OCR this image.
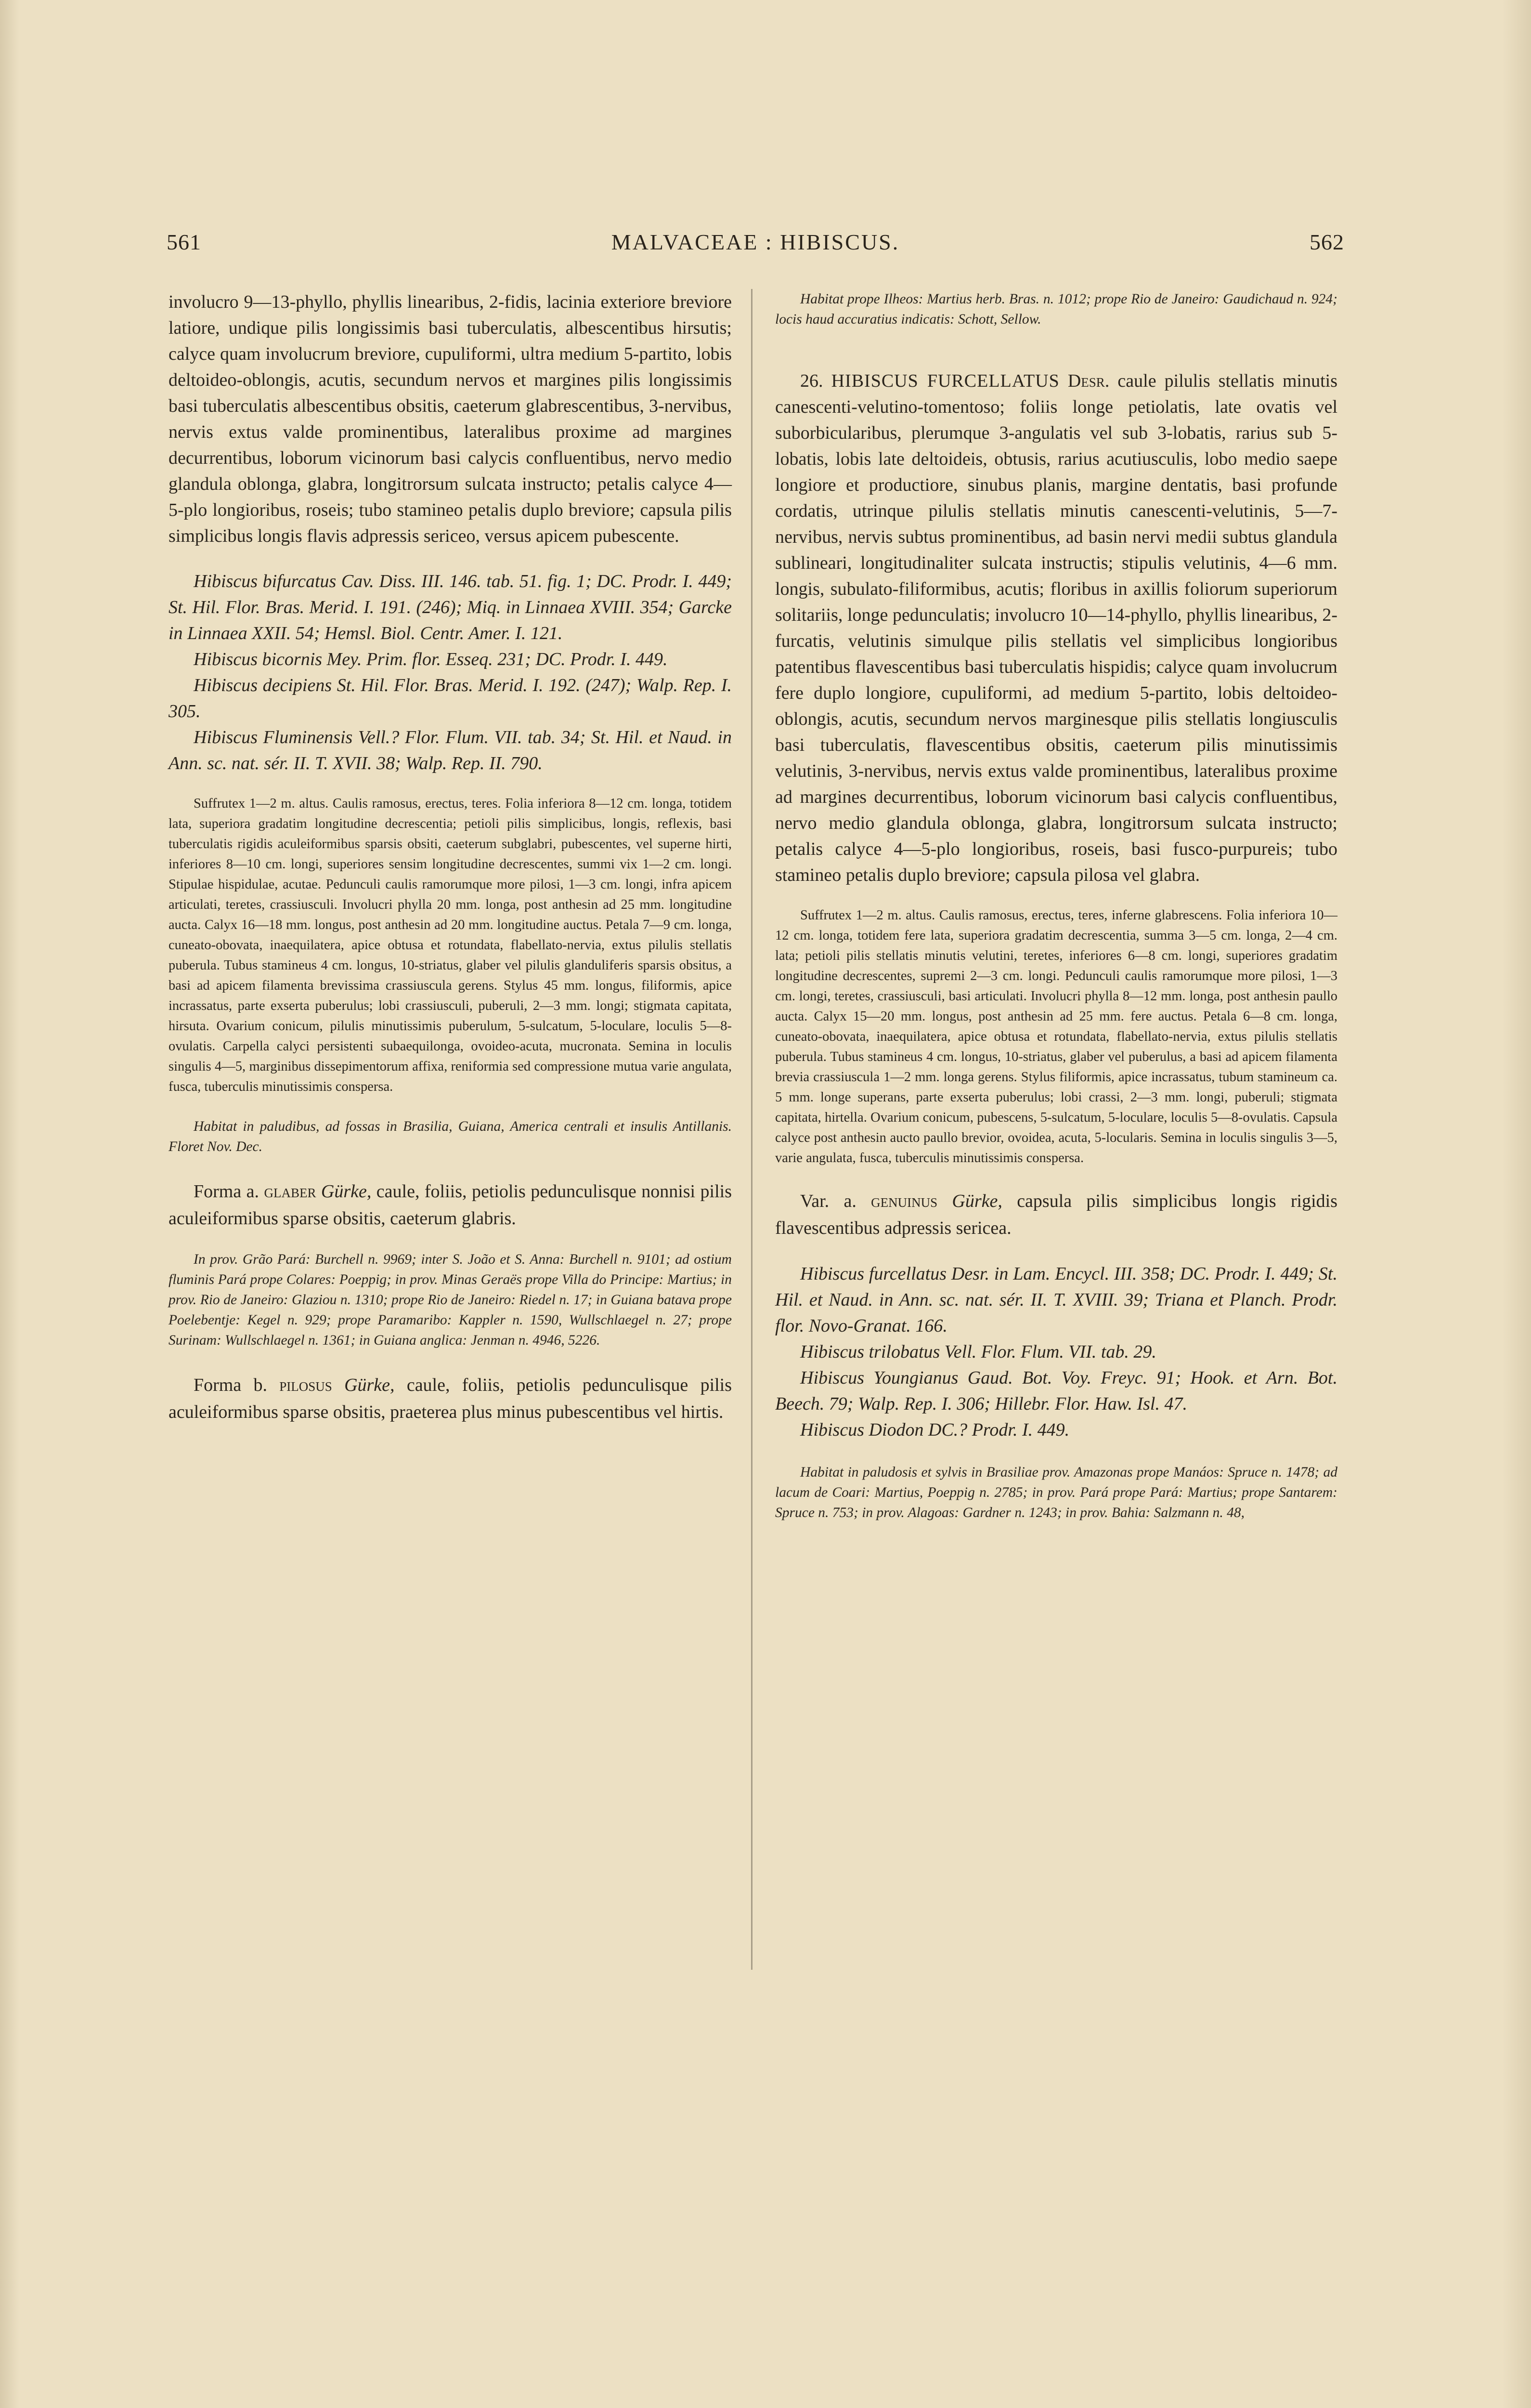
561	MALVACEAE : HIBISCUS.	562

involucro 9—13-phyllo, phyllis linearibus, 2-fidis, lacinia exteriore breviore latiore, undique pilis longissimis basi tuberculatis, albescentibus hirsutis; calyce quam involucrum breviore, cupuliformi, ultra medium 5-partito, lobis deltoideo-oblongis, acutis, secundum nervos et margines pilis longissimis basi tuberculatis albescentibus obsitis, caeterum glabrescentibus, 3-nervibus, nervis extus valde prominentibus, lateralibus proxime ad margines decurrentibus, loborum vicinorum basi calycis confluentibus, nervo medio glandula oblonga, glabra, longitrorsum sulcata instructo; petalis calyce 4—5-plo longioribus, roseis; tubo stamineo petalis duplo breviore; capsula pilis simplicibus longis flavis adpressis sericeo, versus apicem pubescente.

Hibiscus bifurcatus Cav. Diss. III. 146. tab. 51. fig. 1; DC. Prodr. I. 449; St. Hil. Flor. Bras. Merid. I. 191. (246); Miq. in Linnaea XVIII. 354; Garcke in Linnaea XXII. 54; Hemsl. Biol. Centr. Amer. I. 121.

Hibiscus bicornis Mey. Prim. flor. Esseq. 231; DC. Prodr. I. 449.

Hibiscus decipiens St. Hil. Flor. Bras. Merid. I. 192. (247); Walp. Rep. I. 305.

Hibiscus Fluminensis Vell.? Flor. Flum. VII. tab. 34; St. Hil. et Naud. in Ann. sc. nat. sér. II. T. XVII. 38; Walp. Rep. II. 790.

Suffrutex 1—2 m. altus. Caulis ramosus, erectus, teres. Folia inferiora 8—12 cm. longa, totidem lata, superiora gradatim longitudine decrescentia; petioli pilis simplicibus, longis, reflexis, basi tuberculatis rigidis aculeiformibus sparsis obsiti, caeterum subglabri, pubescentes, vel superne hirti, inferiores 8—10 cm. longi, superiores sensim longitudine decrescentes, summi vix 1—2 cm. longi. Stipulae hispidulae, acutae. Pedunculi caulis ramorumque more pilosi, 1—3 cm. longi, infra apicem articulati, teretes, crassiusculi. Involucri phylla 20 mm. longa, post anthesin ad 25 mm. longitudine aucta. Calyx 16—18 mm. longus, post anthesin ad 20 mm. longitudine auctus. Petala 7—9 cm. longa, cuneato-obovata, inaequilatera, apice obtusa et rotundata, flabellato-nervia, extus pilulis stellatis puberula. Tubus stamineus 4 cm. longus, 10-striatus, glaber vel pilulis glanduliferis sparsis obsitus, a basi ad apicem filamenta brevissima crassiuscula gerens. Stylus 45 mm. longus, filiformis, apice incrassatus, parte exserta puberulus; lobi crassiusculi, puberuli, 2—3 mm. longi; stigmata capitata, hirsuta. Ovarium conicum, pilulis minutissimis puberulum, 5-sulcatum, 5-loculare, loculis 5—8-ovulatis. Carpella calyci persistenti subaequilonga, ovoideo-acuta, mucronata. Semina in loculis singulis 4—5, marginibus dissepimentorum affixa, reniformia sed compressione mutua varie angulata, fusca, tuberculis minutissimis conspersa.

Habitat in paludibus, ad fossas in Brasilia, Guiana, America centrali et insulis Antillanis. Floret Nov. Dec.

Forma a. glaber Gürke, caule, foliis, petiolis pedunculisque nonnisi pilis aculeiformibus sparse obsitis, caeterum glabris.

In prov. Grão Pará: Burchell n. 9969; inter S. João et S. Anna: Burchell n. 9101; ad ostium fluminis Pará prope Colares: Poeppig; in prov. Minas Geraës prope Villa do Principe: Martius; in prov. Rio de Janeiro: Glaziou n. 1310; prope Rio de Janeiro: Riedel n. 17; in Guiana batava prope Poelebentje: Kegel n. 929; prope Paramaribo: Kappler n. 1590, Wullschlaegel n. 27; prope Surinam: Wullschlaegel n. 1361; in Guiana anglica: Jenman n. 4946, 5226.

Forma b. pilosus Gürke, caule, foliis, petiolis pedunculisque pilis aculeiformibus sparse obsitis, praeterea plus minus pubescentibus vel hirtis.

Habitat prope Ilheos: Martius herb. Bras. n. 1012; prope Rio de Janeiro: Gaudichaud n. 924; locis haud accuratius indicatis: Schott, Sellow.

26. HIBISCUS FURCELLATUS Desr. caule pilulis stellatis minutis canescenti-velutino-tomentoso; foliis longe petiolatis, late ovatis vel suborbicularibus, plerumque 3-angulatis vel sub 3-lobatis, rarius sub 5-lobatis, lobis late deltoideis, obtusis, rarius acutiusculis, lobo medio saepe longiore et productiore, sinubus planis, margine dentatis, basi profunde cordatis, utrinque pilulis stellatis minutis canescenti-velutinis, 5—7-nervibus, nervis subtus prominentibus, ad basin nervi medii subtus glandula sublineari, longitudinaliter sulcata instructis; stipulis velutinis, 4—6 mm. longis, subulato-filiformibus, acutis; floribus in axillis foliorum superiorum solitariis, longe pedunculatis; involucro 10—14-phyllo, phyllis linearibus, 2-furcatis, velutinis simulque pilis stellatis vel simplicibus longioribus patentibus flavescentibus basi tuberculatis hispidis; calyce quam involucrum fere duplo longiore, cupuliformi, ad medium 5-partito, lobis deltoideo-oblongis, acutis, secundum nervos marginesque pilis stellatis longiusculis basi tuberculatis, flavescentibus obsitis, caeterum pilis minutissimis velutinis, 3-nervibus, nervis extus valde prominentibus, lateralibus proxime ad margines decurrentibus, loborum vicinorum basi calycis confluentibus, nervo medio glandula oblonga, glabra, longitrorsum sulcata instructo; petalis calyce 4—5-plo longioribus, roseis, basi fusco-purpureis; tubo stamineo petalis duplo breviore; capsula pilosa vel glabra.

Suffrutex 1—2 m. altus. Caulis ramosus, erectus, teres, inferne glabrescens. Folia inferiora 10—12 cm. longa, totidem fere lata, superiora gradatim decrescentia, summa 3—5 cm. longa, 2—4 cm. lata; petioli pilis stellatis minutis velutini, teretes, inferiores 6—8 cm. longi, superiores gradatim longitudine decrescentes, supremi 2—3 cm. longi. Pedunculi caulis ramorumque more pilosi, 1—3 cm. longi, teretes, crassiusculi, basi articulati. Involucri phylla 8—12 mm. longa, post anthesin paullo aucta. Calyx 15—20 mm. longus, post anthesin ad 25 mm. fere auctus. Petala 6—8 cm. longa, cuneato-obovata, inaequilatera, apice obtusa et rotundata, flabellato-nervia, extus pilulis stellatis puberula. Tubus stamineus 4 cm. longus, 10-striatus, glaber vel puberulus, a basi ad apicem filamenta brevia crassiuscula 1—2 mm. longa gerens. Stylus filiformis, apice incrassatus, tubum stamineum ca. 5 mm. longe superans, parte exserta puberulus; lobi crassi, 2—3 mm. longi, puberuli; stigmata capitata, hirtella. Ovarium conicum, pubescens, 5-sulcatum, 5-loculare, loculis 5—8-ovulatis. Capsula calyce post anthesin aucto paullo brevior, ovoidea, acuta, 5-locularis. Semina in loculis singulis 3—5, varie angulata, fusca, tuberculis minutissimis conspersa.

Var. a. genuinus Gürke, capsula pilis simplicibus longis rigidis flavescentibus adpressis sericea.

Hibiscus furcellatus Desr. in Lam. Encycl. III. 358; DC. Prodr. I. 449; St. Hil. et Naud. in Ann. sc. nat. sér. II. T. XVIII. 39; Triana et Planch. Prodr. flor. Novo-Granat. 166.

Hibiscus trilobatus Vell. Flor. Flum. VII. tab. 29.

Hibiscus Youngianus Gaud. Bot. Voy. Freyc. 91; Hook. et Arn. Bot. Beech. 79; Walp. Rep. I. 306; Hillebr. Flor. Haw. Isl. 47.

Hibiscus Diodon DC.? Prodr. I. 449.

Habitat in paludosis et sylvis in Brasiliae prov. Amazonas prope Manáos: Spruce n. 1478; ad lacum de Coari: Martius, Poeppig n. 2785; in prov. Pará prope Pará: Martius; prope Santarem: Spruce n. 753; in prov. Alagoas: Gardner n. 1243; in prov. Bahia: Salzmann n. 48,
